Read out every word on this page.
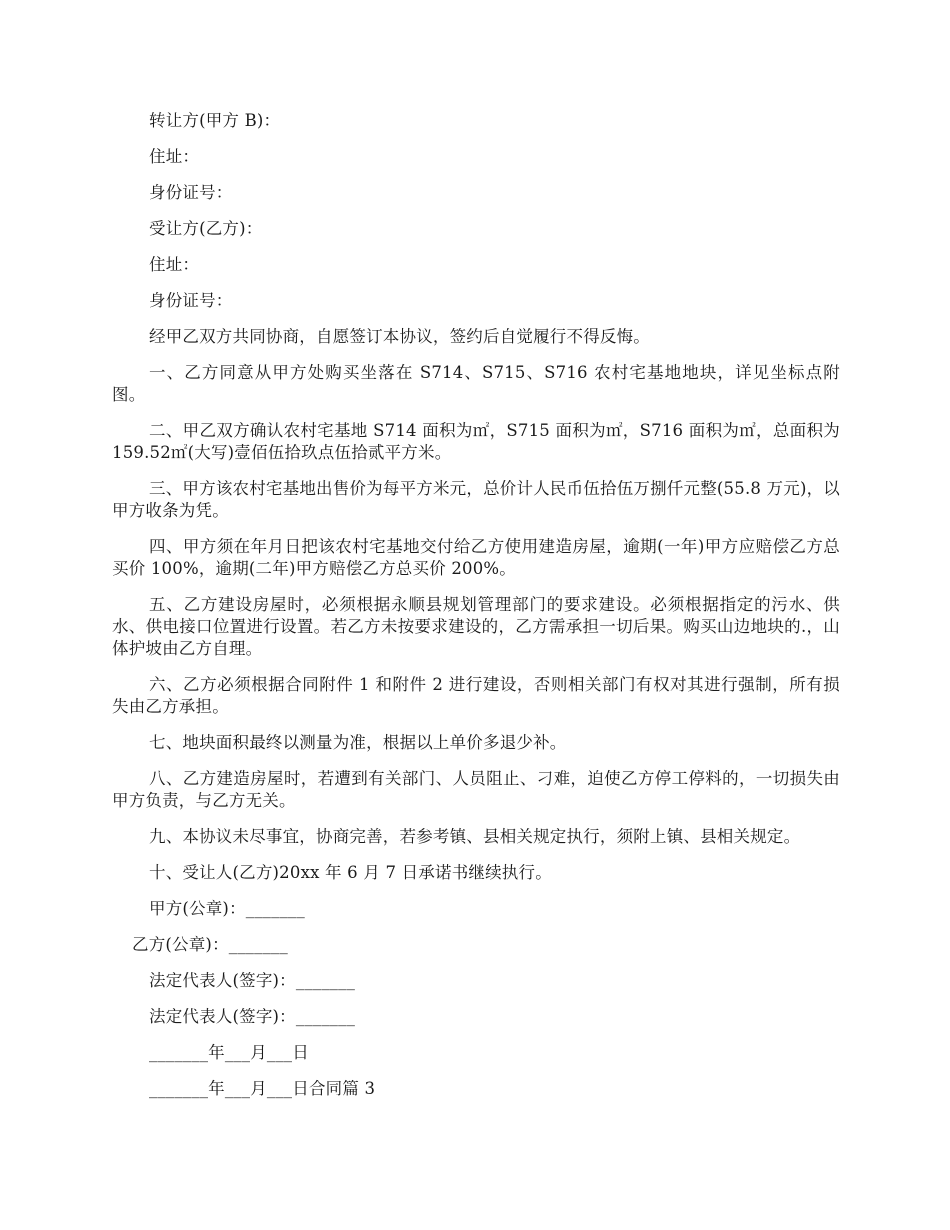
转让方(甲方 B)：

住址：

身份证号：

受让方(乙方)：

住址：

身份证号：

经甲乙双方共同协商，自愿签订本协议，签约后自觉履行不得反悔。

一、乙方同意从甲方处购买坐落在 S714、S715、S716 农村宅基地地块，详见坐标点附图。

二、甲乙双方确认农村宅基地 S714 面积为㎡，S715 面积为㎡，S716 面积为㎡，总面积为 159.52㎡(大写)壹佰伍拾玖点伍拾贰平方米。

三、甲方该农村宅基地出售价为每平方米元，总价计人民币伍拾伍万捌仟元整(55.8 万元)，以甲方收条为凭。

四、甲方须在年月日把该农村宅基地交付给乙方使用建造房屋，逾期(一年)甲方应赔偿乙方总买价 100%，逾期(二年)甲方赔偿乙方总买价 200%。

五、乙方建设房屋时，必须根据永顺县规划管理部门的要求建设。必须根据指定的污水、供水、供电接口位置进行设置。若乙方未按要求建设的，乙方需承担一切后果。购买山边地块的.，山体护坡由乙方自理。

六、乙方必须根据合同附件 1 和附件 2 进行建设，否则相关部门有权对其进行强制，所有损失由乙方承担。

七、地块面积最终以测量为准，根据以上单价多退少补。

八、乙方建造房屋时，若遭到有关部门、人员阻止、刁难，迫使乙方停工停料的，一切损失由甲方负责，与乙方无关。

九、本协议未尽事宜，协商完善，若参考镇、县相关规定执行，须附上镇、县相关规定。

十、受让人(乙方)20xx 年 6 月 7 日承诺书继续执行。

甲方(公章)：_______

乙方(公章)：_______

法定代表人(签字)：_______

法定代表人(签字)：_______

_______年___月___日

_______年___月___日合同篇 3
